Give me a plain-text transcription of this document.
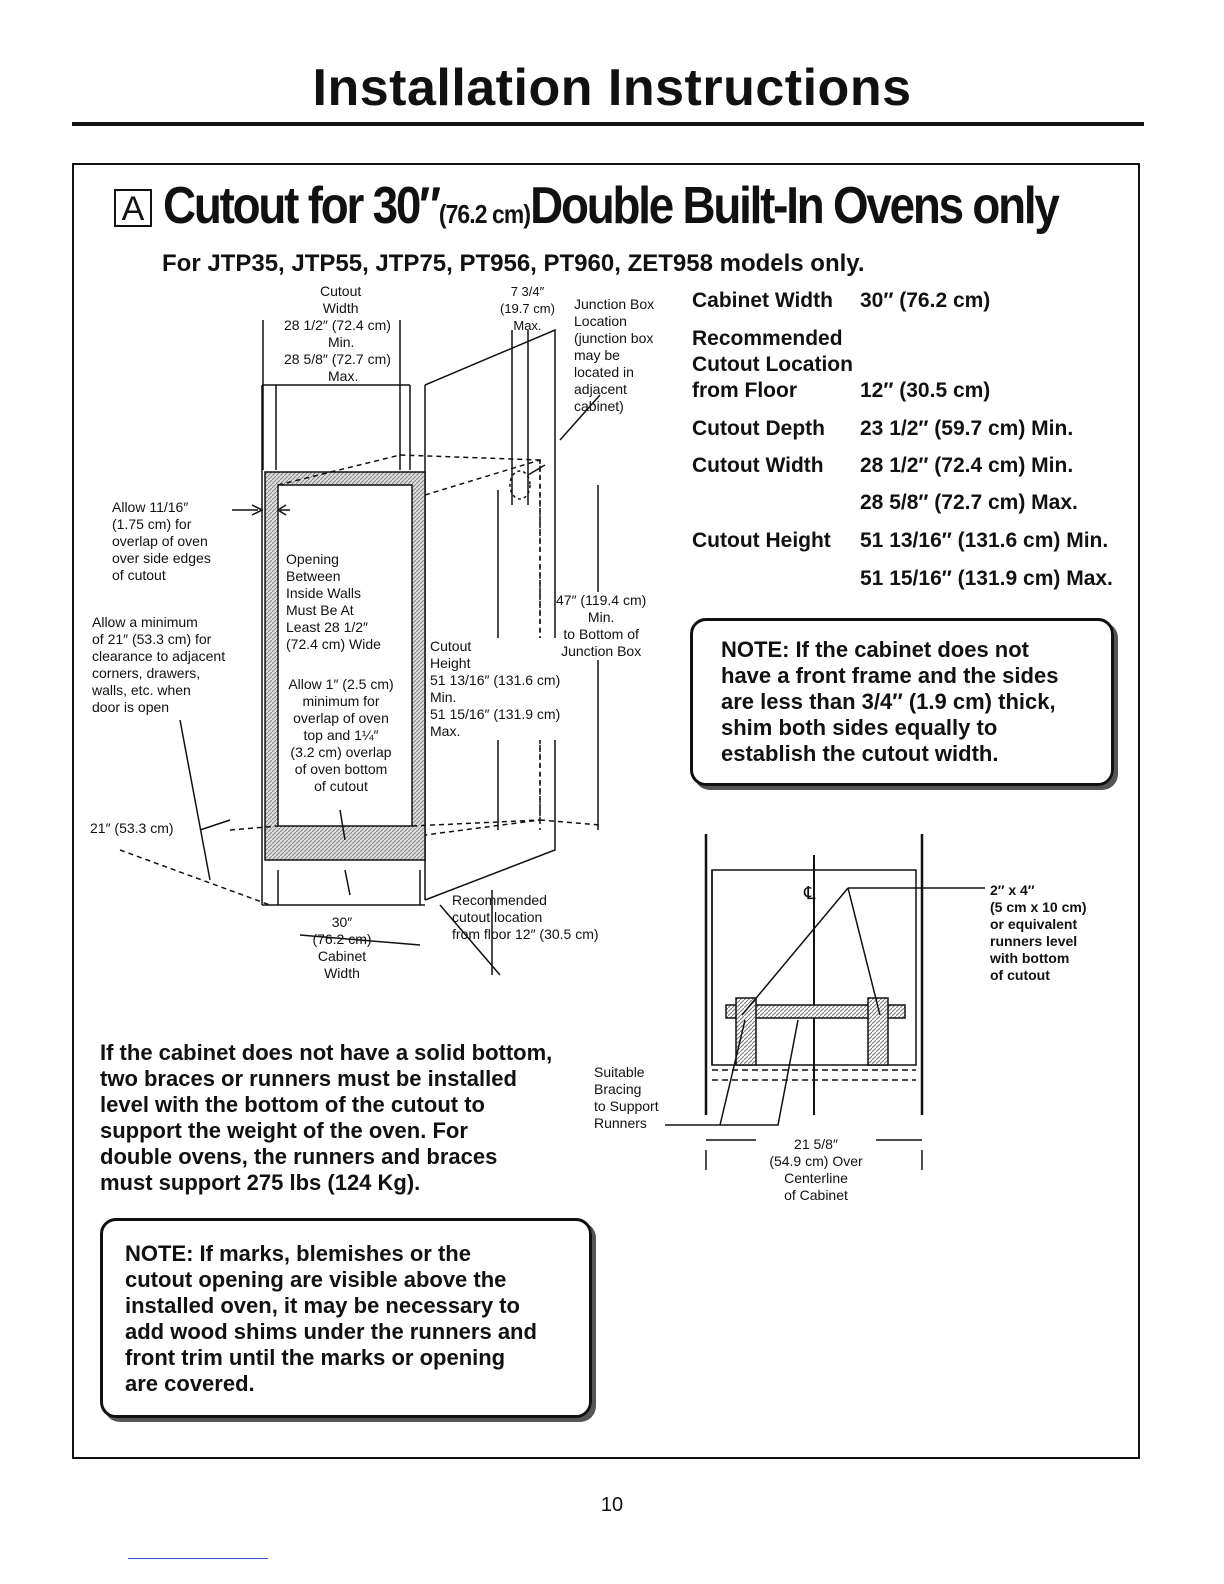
Installation Instructions
A Cutout for 30″(76.2 cm)Double Built-In Ovens only
For JTP35, JTP55, JTP75, PT956, PT960, ZET958 models only.
Cabinet Width 30″ (76.2 cm)
Recommended
Cutout Location
from Floor	12″ (30.5 cm)
Cutout Depth 23 1/2″ (59.7 cm) Min.
Cutout Width 28 1/2″ (72.4 cm) Min.
28 5/8″ (72.7 cm) Max.
Cutout Height 51 13/16″ (131.6 cm) Min.
51 15/16″ (131.9 cm) Max.
NOTE: If the cabinet does not
have a front frame and the sides
are less than 3/4″ (1.9 cm) thick,
shim both sides equally to
establish the cutout width.
If the cabinet does not have a solid bottom,
two braces or runners must be installed
level with the bottom of the cutout to
support the weight of the oven. For
double ovens, the runners and braces
must support 275 lbs (124 Kg).
NOTE: If marks, blemishes or the
cutout opening are visible above the
installed oven, it may be necessary to
add wood shims under the runners and
front trim until the marks or opening
are covered.
Cutout
Width
28 1/2″ (72.4 cm)
Min.
28 5/8″ (72.7 cm)
Max.
7 3/4″
(19.7 cm)
Max.
Junction Box
Location
(junction box
may be
located in
adjacent
cabinet)
Allow 11/16″
(1.75 cm) for
overlap of oven
over side edges
of cutout
Allow a minimum
of 21″ (53.3 cm) for
clearance to adjacent
corners, drawers,
walls, etc. when
door is open
Opening
Between
Inside Walls
Must Be At
Least 28 1/2″
(72.4 cm) Wide
Allow 1″ (2.5 cm)
minimum for
overlap of oven
top and 1¼″
(3.2 cm) overlap
of oven bottom
of cutout
Cutout
Height
51 13/16″ (131.6 cm)
Min.
51 15/16″ (131.9 cm)
Max.
47″ (119.4 cm)
Min.
to Bottom of
Junction Box
21″ (53.3 cm)
Recommended
cutout location
from floor 12″ (30.5 cm)
30″
(76.2 cm)
Cabinet
Width
℄	2″ x 4″
(5 cm x 10 cm)
or equivalent
runners level
with bottom
of cutout
Suitable
Bracing
to Support
Runners
21 5/8″
(54.9 cm) Over
Centerline
of Cabinet
10
